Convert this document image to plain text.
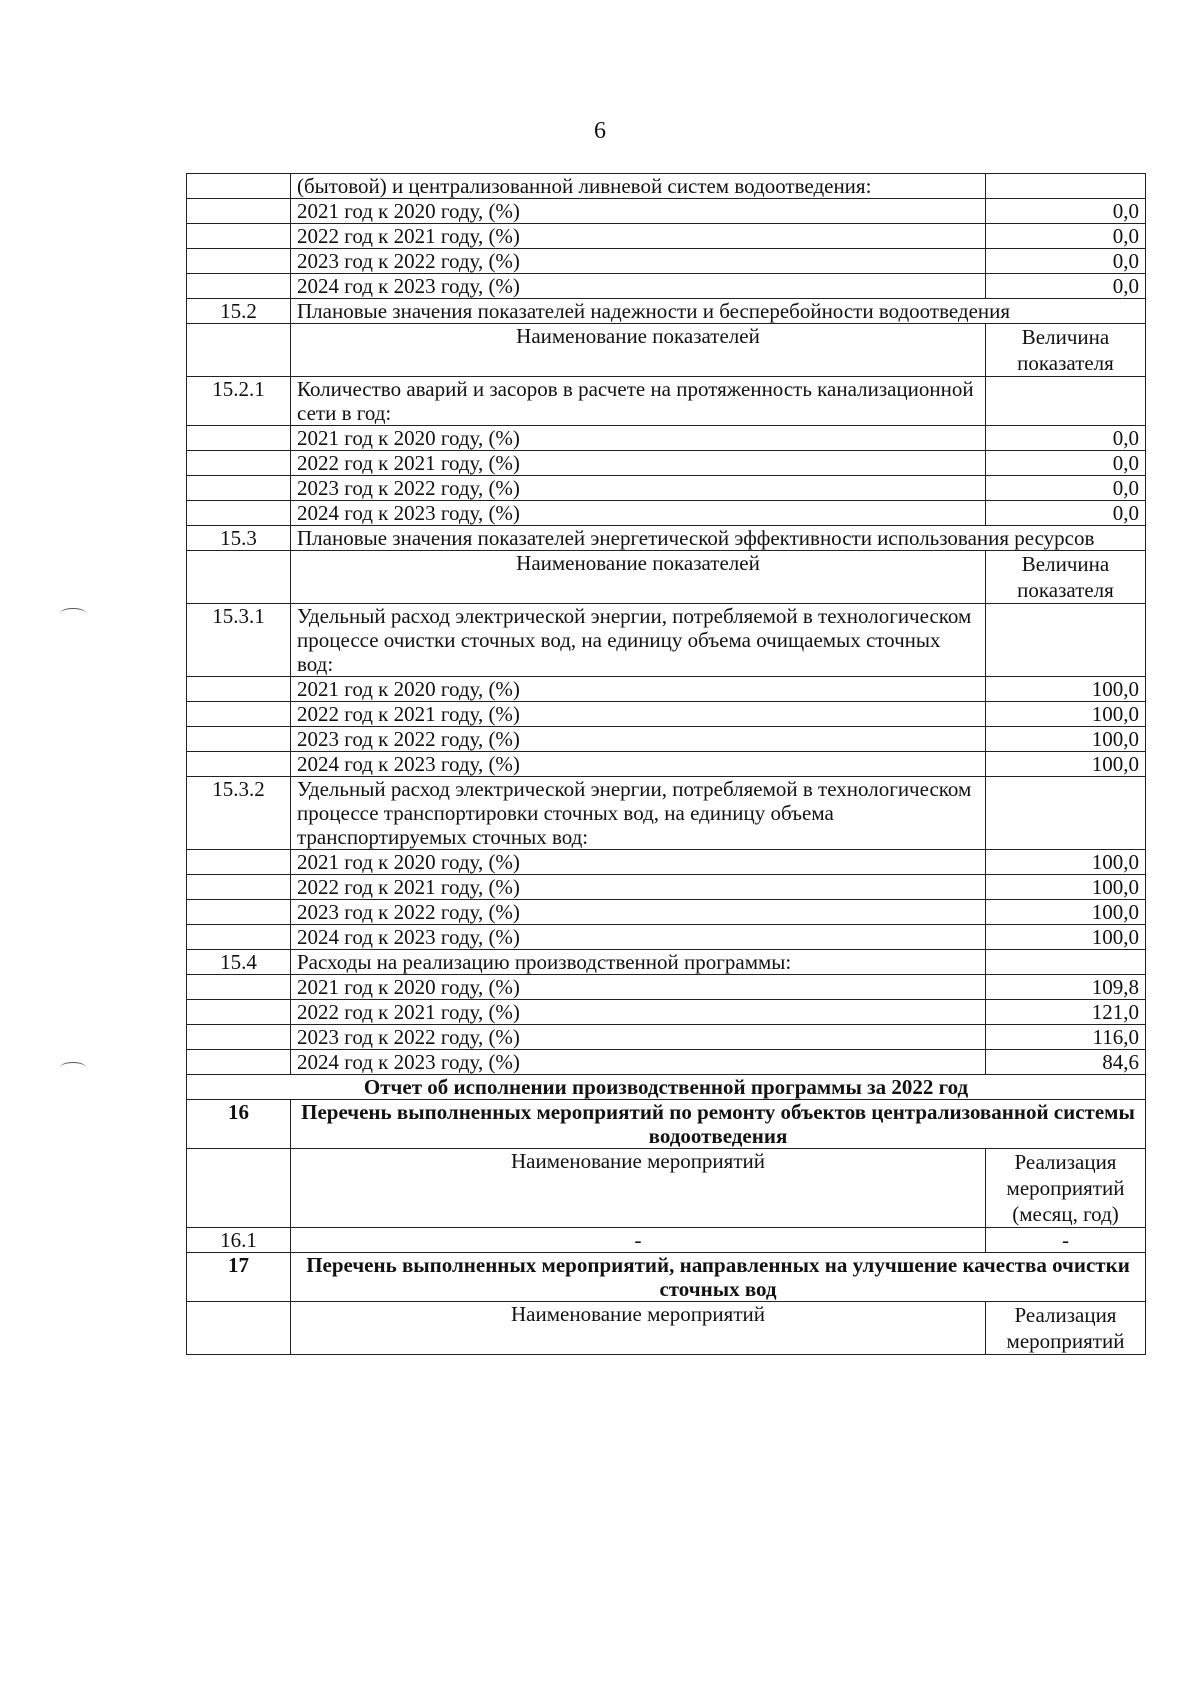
6
	(бытовой) и централизованной ливневой систем водоотведения:	
	2021 год к 2020 году, (%)	0,0
	2022 год к 2021 году, (%)	0,0
	2023 год к 2022 году, (%)	0,0
	2024 год к 2023 году, (%)	0,0
15.2	Плановые значения показателей надежности и бесперебойности водоотведения	
	Наименование показателей	Величина показателя
15.2.1	Количество аварий и засоров в расчете на протяженность канализационной сети в год:	
	2021 год к 2020 году, (%)	0,0
	2022 год к 2021 году, (%)	0,0
	2023 год к 2022 году, (%)	0,0
	2024 год к 2023 году, (%)	0,0
15.3	Плановые значения показателей энергетической эффективности использования ресурсов	
	Наименование показателей	Величина показателя
15.3.1	Удельный расход электрической энергии, потребляемой в технологическом процессе очистки сточных вод, на единицу объема очищаемых сточных вод:	
	2021 год к 2020 году, (%)	100,0
	2022 год к 2021 году, (%)	100,0
	2023 год к 2022 году, (%)	100,0
	2024 год к 2023 году, (%)	100,0
15.3.2	Удельный расход электрической энергии, потребляемой в технологическом процессе транспортировки сточных вод, на единицу объема транспортируемых сточных вод:	
	2021 год к 2020 году, (%)	100,0
	2022 год к 2021 году, (%)	100,0
	2023 год к 2022 году, (%)	100,0
	2024 год к 2023 году, (%)	100,0
15.4	Расходы на реализацию производственной программы:	
	2021 год к 2020 году, (%)	109,8
	2022 год к 2021 году, (%)	121,0
	2023 год к 2022 году, (%)	116,0
	2024 год к 2023 году, (%)	84,6
Отчет об исполнении производственной программы за 2022 год		
16	Перечень выполненных мероприятий по ремонту объектов централизованной системы водоотведения	
	Наименование мероприятий	Реализация мероприятий (месяц, год)
16.1	-	-
17	Перечень выполненных мероприятий, направленных на улучшение качества очистки сточных вод	
	Наименование мероприятий	Реализация мероприятий
